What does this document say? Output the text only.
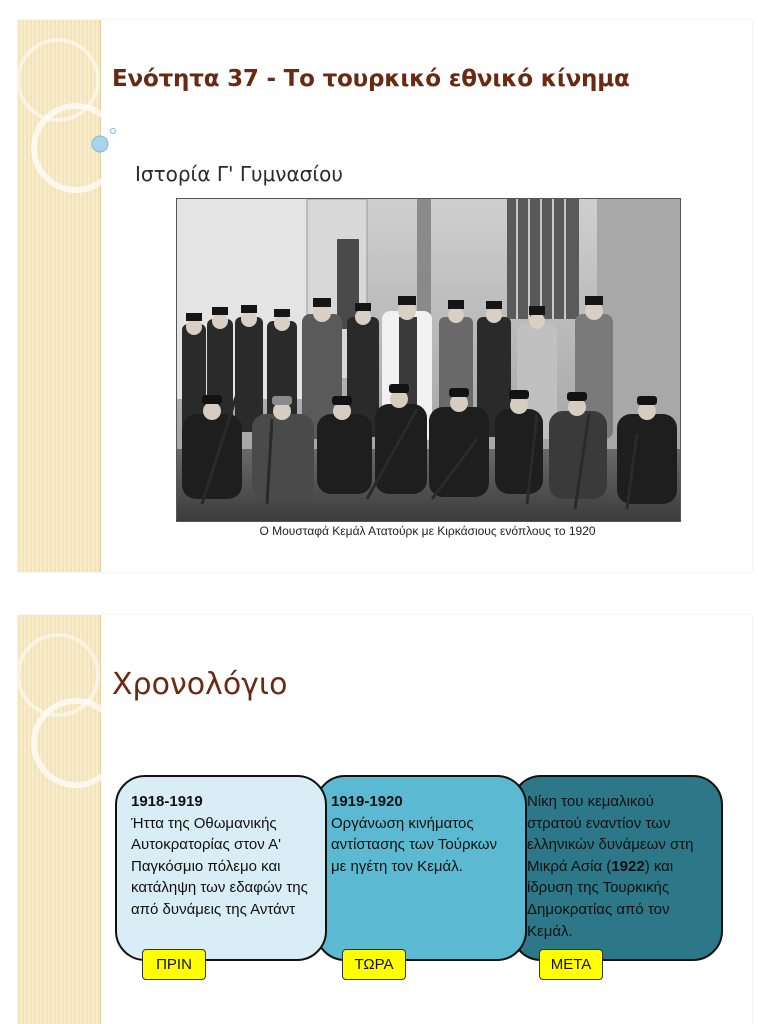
Ενότητα 37 - Το τουρκικό εθνικό κίνημα
Ιστορία Γ' Γυμνασίου
Ο Μουσταφά Κεμάλ Ατατούρκ με Κιρκάσιους ενόπλους το 1920
Χρονολόγιο
Νίκη του κεμαλικού στρατού εναντίον των ελληνικών δυνάμεων στη Μικρά Ασία (1922) και ίδρυση της Τουρκικής Δημοκρατίας από τον Κεμάλ.
1919-1920
Οργάνωση κινήματος αντίστασης των Τούρκων με ηγέτη τον Κεμάλ.
1918-1919
Ήττα της Οθωμανικής Αυτοκρατορίας στον Α' Παγκόσμιο πόλεμο και κατάληψη των εδαφών της από δυνάμεις της Αντάντ
ΠΡΙΝ	ΤΩΡΑ	ΜΕΤΑ
